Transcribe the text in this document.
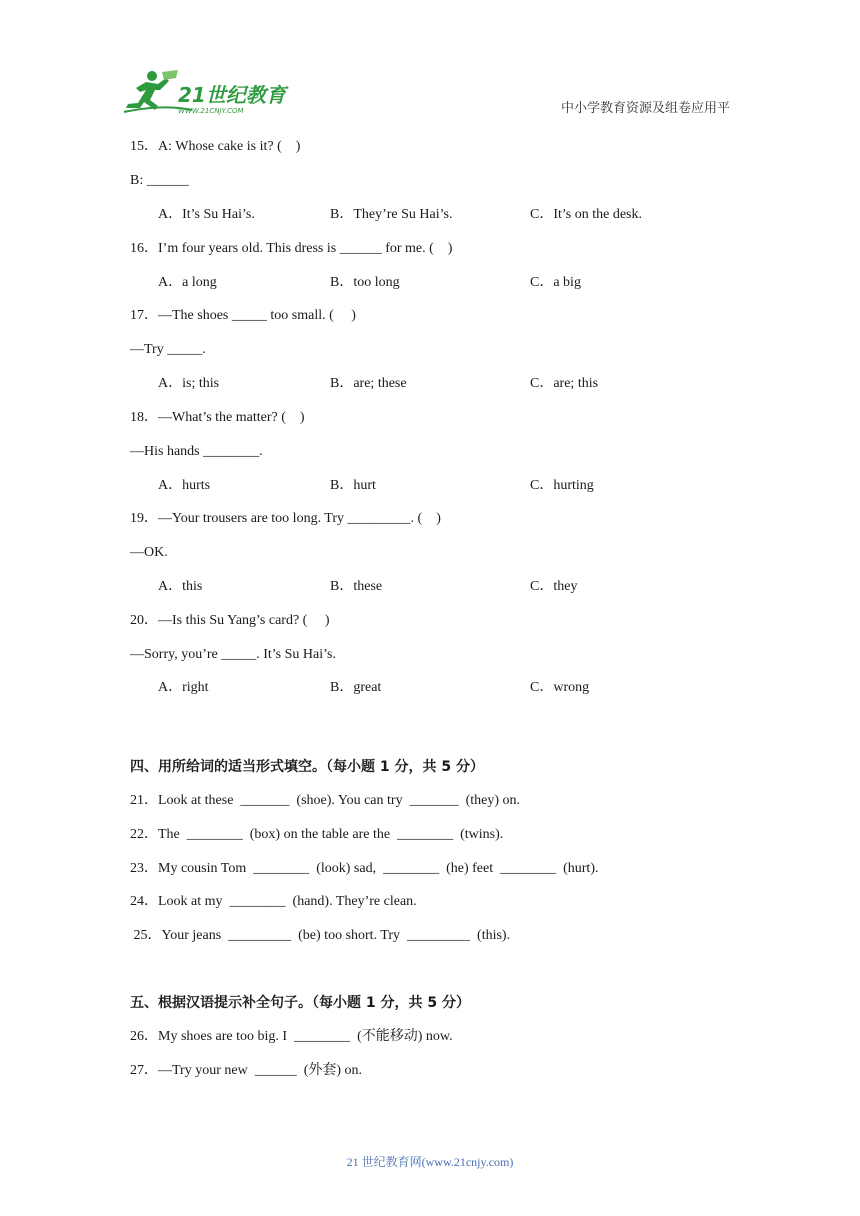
21世纪教育
WWW.21CNJY.COM	中小学教育资源及组卷应用平
15．A: Whose cake is it? (    )
B: ______
A．It’s Su Hai’s.	B．They’re Su Hai’s.	C．It’s on the desk.
16．I’m four years old. This dress is ______ for me. (    )
A．a long	B．too long	C．a big
17．—The shoes _____ too small. (     )
—Try _____.
A．is; this	B．are; these	C．are; this
18．—What’s the matter? (    )
—His hands ________.
A．hurts	B．hurt	C．hurting
19．—Your trousers are too long. Try _________. (    )
—OK.
A．this	B．these	C．they
20．—Is this Su Yang’s card? (     )
—Sorry, you’re _____. It’s Su Hai’s.
A．right	B．great	C．wrong
四、用所给词的适当形式填空。（每小题 1 分，共 5 分）
21．Look at these  _______  (shoe). You can try  _______  (they) on.
22．The  ________  (box) on the table are the  ________  (twins).
23．My cousin Tom  ________  (look) sad,  ________  (he) feet  ________  (hurt).
24．Look at my  ________  (hand). They’re clean.
25．Your jeans  _________  (be) too short. Try  _________  (this).
五、根据汉语提示补全句子。（每小题 1 分，共 5 分）
26．My shoes are too big. I  ________  (不能移动) now.
27．—Try your new  ______  (外套) on.
21 世纪教育网(www.21cnjy.com)
